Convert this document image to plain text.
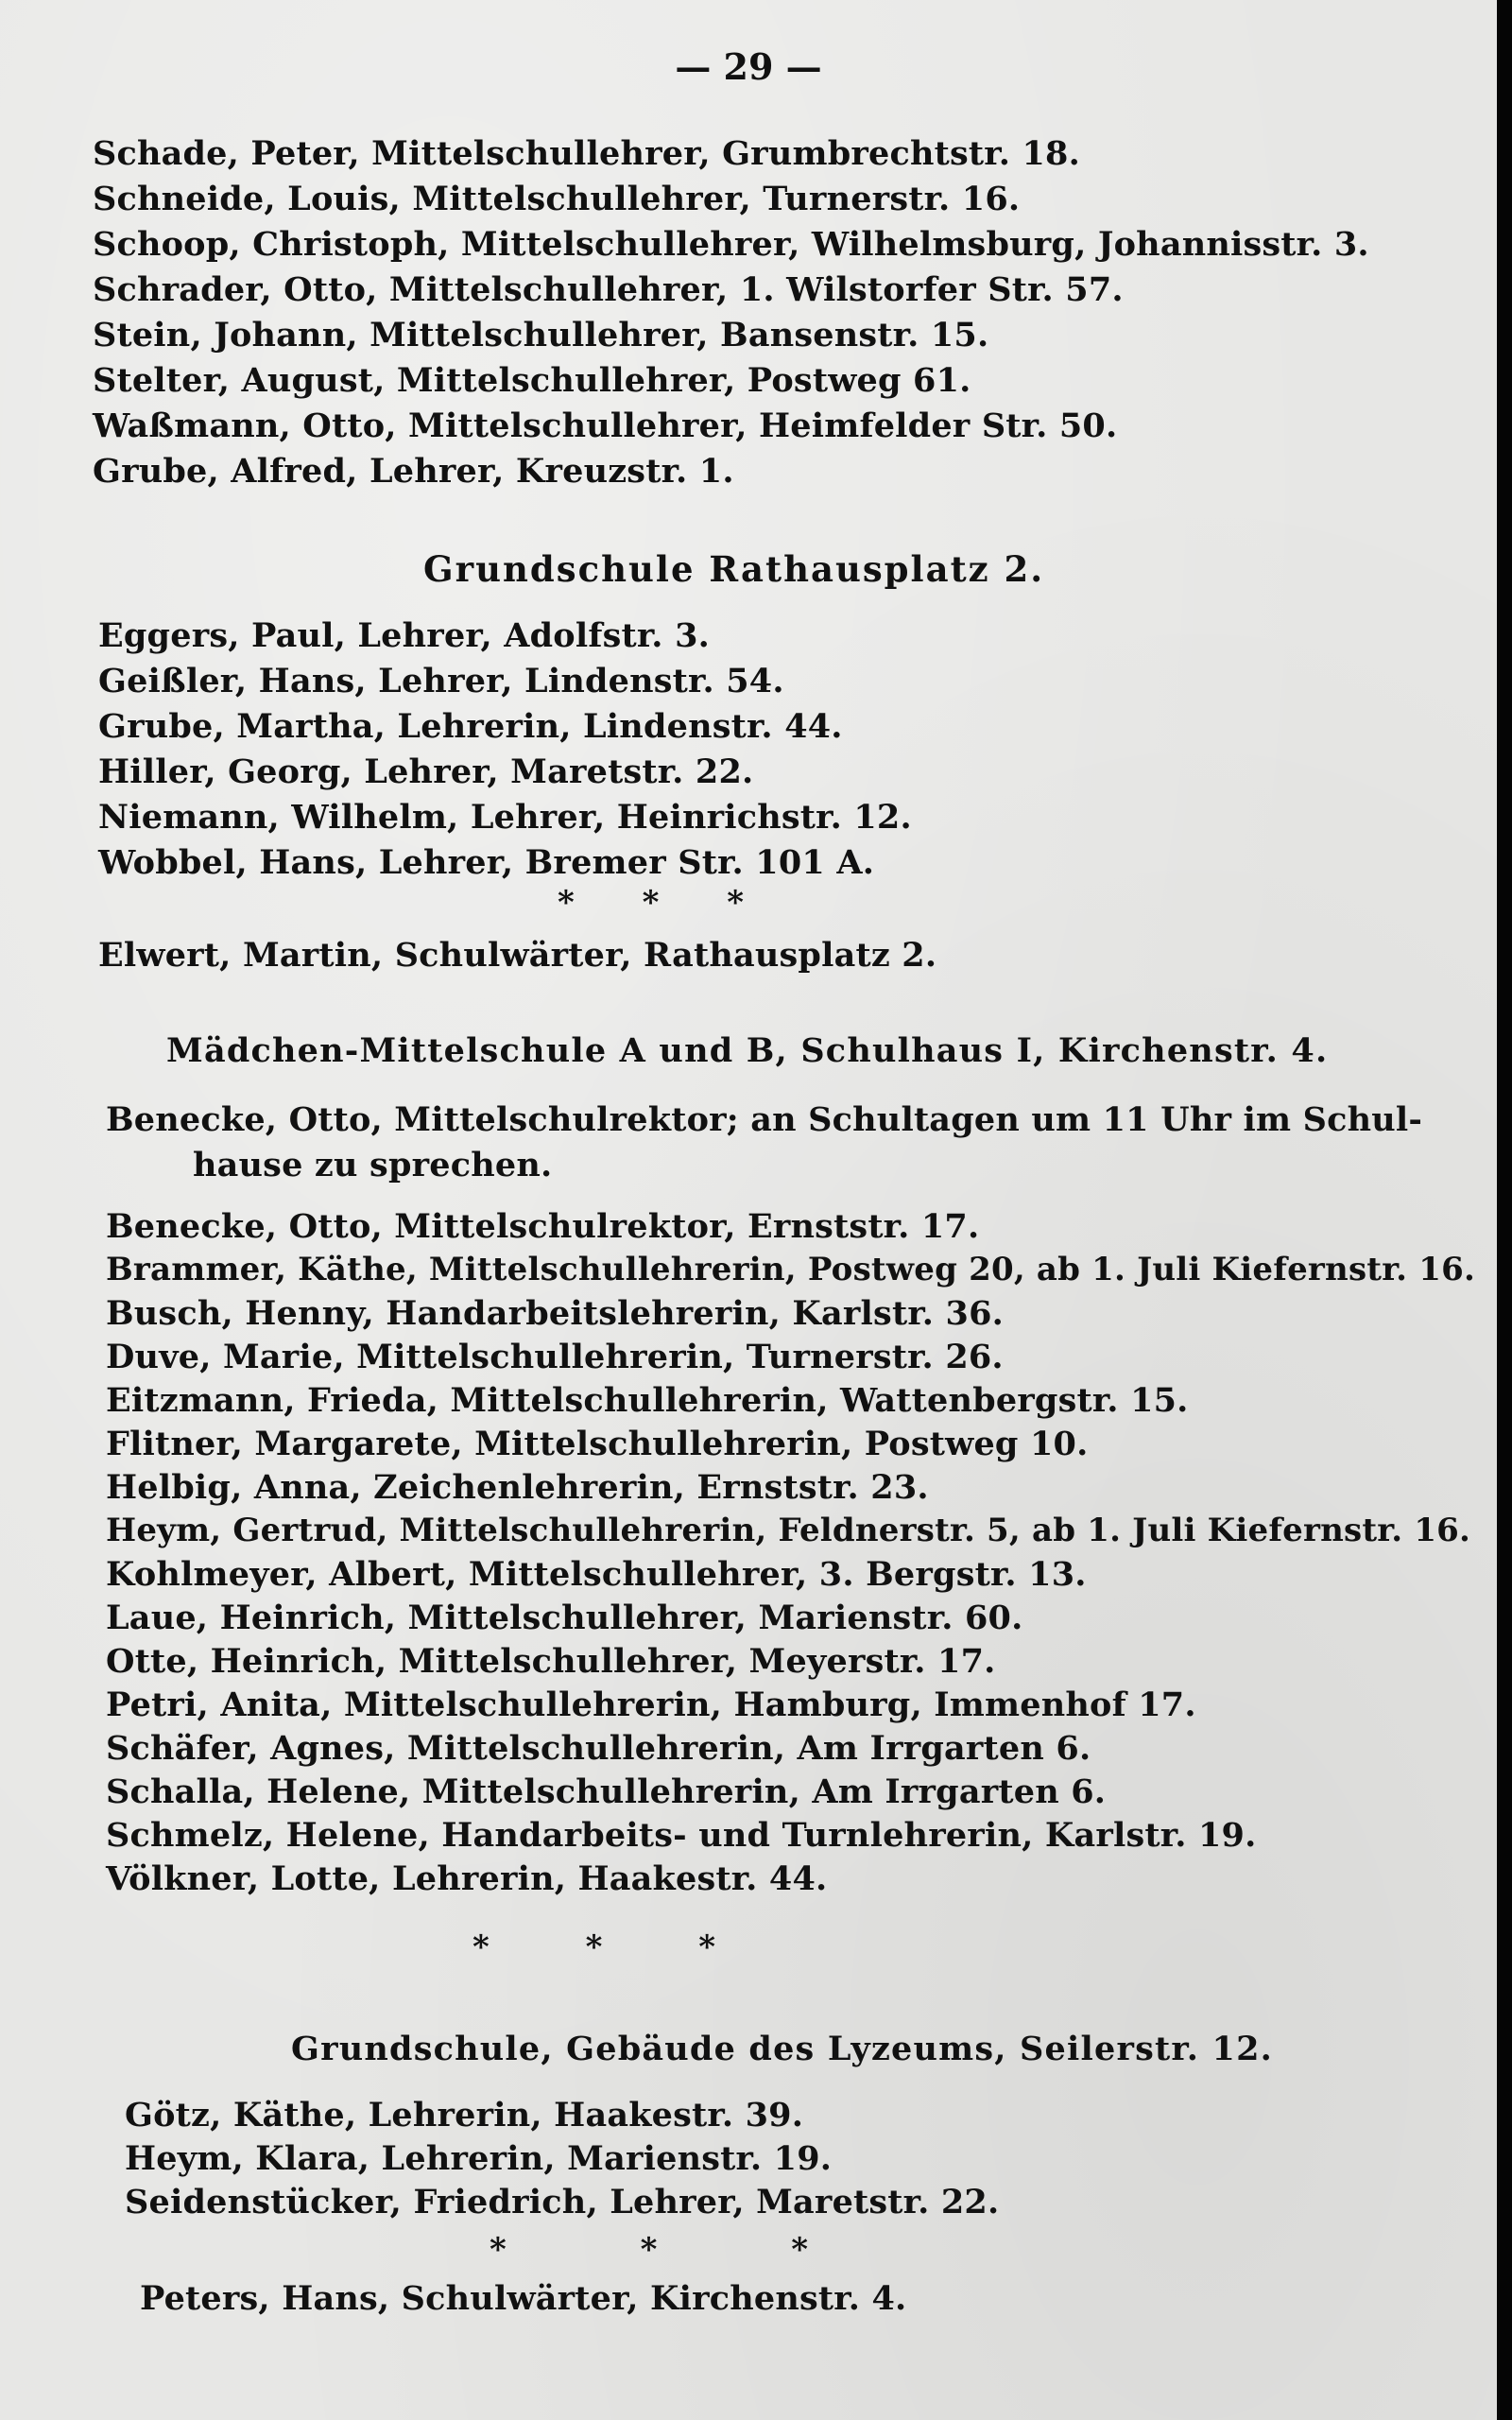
— 29 —
Schade, Peter, Mittelschullehrer, Grumbrechtstr. 18.
Schneide, Louis, Mittelschullehrer, Turnerstr. 16.
Schoop, Christoph, Mittelschullehrer, Wilhelmsburg, Johannisstr. 3.
Schrader, Otto, Mittelschullehrer, 1. Wilstorfer Str. 57.
Stein, Johann, Mittelschullehrer, Bansenstr. 15.
Stelter, August, Mittelschullehrer, Postweg 61.
Waßmann, Otto, Mittelschullehrer, Heimfelder Str. 50.
Grube, Alfred, Lehrer, Kreuzstr. 1.
Grundschule Rathausplatz 2.
Eggers, Paul, Lehrer, Adolfstr. 3.
Geißler, Hans, Lehrer, Lindenstr. 54.
Grube, Martha, Lehrerin, Lindenstr. 44.
Hiller, Georg, Lehrer, Maretstr. 22.
Niemann, Wilhelm, Lehrer, Heinrichstr. 12.
Wobbel, Hans, Lehrer, Bremer Str. 101 A.
* * *
Elwert, Martin, Schulwärter, Rathausplatz 2.
Mädchen-Mittelschule A und B, Schulhaus I, Kirchenstr. 4.
Benecke, Otto, Mittelschulrektor; an Schultagen um 11 Uhr im Schul-
hause zu sprechen.
Benecke, Otto, Mittelschulrektor, Ernststr. 17.
Brammer, Käthe, Mittelschullehrerin, Postweg 20, ab 1. Juli Kiefernstr. 16.
Busch, Henny, Handarbeitslehrerin, Karlstr. 36.
Duve, Marie, Mittelschullehrerin, Turnerstr. 26.
Eitzmann, Frieda, Mittelschullehrerin, Wattenbergstr. 15.
Flitner, Margarete, Mittelschullehrerin, Postweg 10.
Helbig, Anna, Zeichenlehrerin, Ernststr. 23.
Heym, Gertrud, Mittelschullehrerin, Feldnerstr. 5, ab 1. Juli Kiefernstr. 16.
Kohlmeyer, Albert, Mittelschullehrer, 3. Bergstr. 13.
Laue, Heinrich, Mittelschullehrer, Marienstr. 60.
Otte, Heinrich, Mittelschullehrer, Meyerstr. 17.
Petri, Anita, Mittelschullehrerin, Hamburg, Immenhof 17.
Schäfer, Agnes, Mittelschullehrerin, Am Irrgarten 6.
Schalla, Helene, Mittelschullehrerin, Am Irrgarten 6.
Schmelz, Helene, Handarbeits- und Turnlehrerin, Karlstr. 19.
Völkner, Lotte, Lehrerin, Haakestr. 44.
* * *
Grundschule, Gebäude des Lyzeums, Seilerstr. 12.
Götz, Käthe, Lehrerin, Haakestr. 39.
Heym, Klara, Lehrerin, Marienstr. 19.
Seidenstücker, Friedrich, Lehrer, Maretstr. 22.
* * *
Peters, Hans, Schulwärter, Kirchenstr. 4.
